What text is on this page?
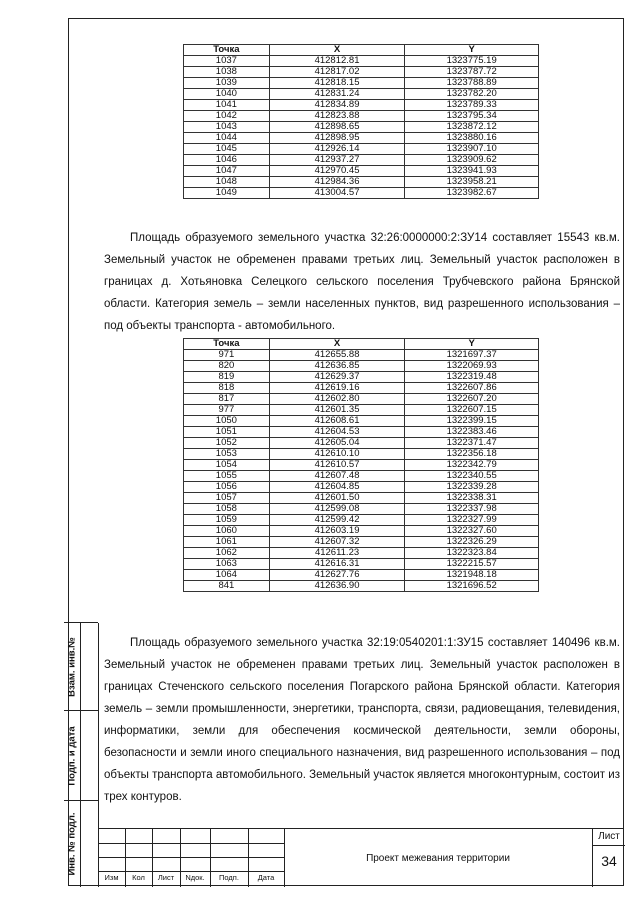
Точка	X	Y
1037	412812.81	1323775.19
1038	412817.02	1323787.72
1039	412818.15	1323788.89
1040	412831.24	1323782.20
1041	412834.89	1323789.33
1042	412823.88	1323795.34
1043	412898.65	1323872.12
1044	412898.95	1323880.16
1045	412926.14	1323907.10
1046	412937.27	1323909.62
1047	412970.45	1323941.93
1048	412984.36	1323958.21
1049	413004.57	1323982.67

Площадь образуемого земельного участка 32:26:0000000:2:ЗУ14 составляет 15543 кв.м. Земельный участок не обременен правами третьих лиц. Земельный участок расположен в границах д. Хотьяновка Селецкого сельского поселения Трубчевского района Брянской области. Категория земель – земли населенных пунктов, вид разрешенного использования – под объекты транспорта - автомобильного.

Точка	X	Y
971	412655.88	1321697.37
820	412636.85	1322069.93
819	412629.37	1322319.48
818	412619.16	1322607.86
817	412602.80	1322607.20
977	412601.35	1322607.15
1050	412608.61	1322399.15
1051	412604.53	1322383.46
1052	412605.04	1322371.47
1053	412610.10	1322356.18
1054	412610.57	1322342.79
1055	412607.48	1322340.55
1056	412604.85	1322339.28
1057	412601.50	1322338.31
1058	412599.08	1322337.98
1059	412599.42	1322327.99
1060	412603.19	1322327.60
1061	412607.32	1322326.29
1062	412611.23	1322323.84
1063	412616.31	1322215.57
1064	412627.76	1321948.18
841	412636.90	1321696.52

Площадь образуемого земельного участка 32:19:0540201:1:ЗУ15 составляет 140496 кв.м. Земельный участок не обременен правами третьих лиц. Земельный участок расположен в границах Стеченского сельского поселения Погарского района Брянской области. Категория земель – земли промышленности, энергетики, транспорта, связи, радиовещания, телевидения, информатики, земли для обеспечения космической деятельности, земли обороны, безопасности и земли иного специального назначения, вид разрешенного использования – под объекты транспорта автомобильного. Земельный участок является многоконтурным, состоит из трех контуров.

Взам. инв.№
Подп. и дата
Инв. № подл.
Изм	Кол	Лист	Nдок.	Подп.	Дата
Проект межевания территории
Лист
34
